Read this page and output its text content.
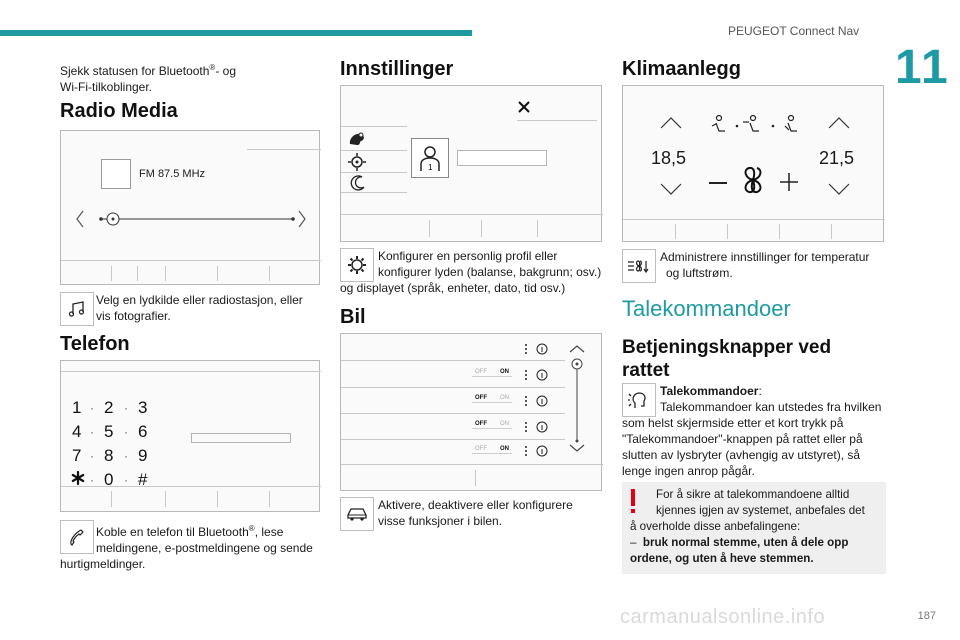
PEUGEOT Connect Nav
11
Sjekk statusen for Bluetooth®- og
Wi-Fi-tilkoblinger.
Radio Media
FM 87.5 MHz
Velg en lydkilde eller radiostasjon, eller
vis fotografier.
Telefon
1 · 2 · 3
4 · 5 · 6
7 · 8 · 9
· 0 · #
Koble en telefon til Bluetooth®, lese
meldingene, e-postmeldingene og sende
hurtigmeldinger.
Innstillinger
1
Konfigurer en personlig profil eller
konfigurer lyden (balanse, bakgrunn; osv.)
og displayet (språk, enheter, dato, tid osv.)
Bil
OFF ON
OFF ON
OFF ON
OFF ON
Aktivere, deaktivere eller konfigurere
visse funksjoner i bilen.
Klimaanlegg
18,5	21,5
Administrere innstillinger for temperatur
og luftstrøm.
Talekommandoer
Betjeningsknapper ved rattet
Talekommandoer:
Talekommandoer kan utstedes fra hvilken
som helst skjermside etter et kort trykk på
"Talekommandoer"-knappen på rattet eller på
slutten av lysbryter (avhengig av utstyret), så
lenge ingen anrop pågår.
For å sikre at talekommandoene alltid
kjennes igjen av systemet, anbefales det
å overholde disse anbefalingene:
– bruk normal stemme, uten å dele opp
ordene, og uten å heve stemmen.
carmanualsonline.info	187
